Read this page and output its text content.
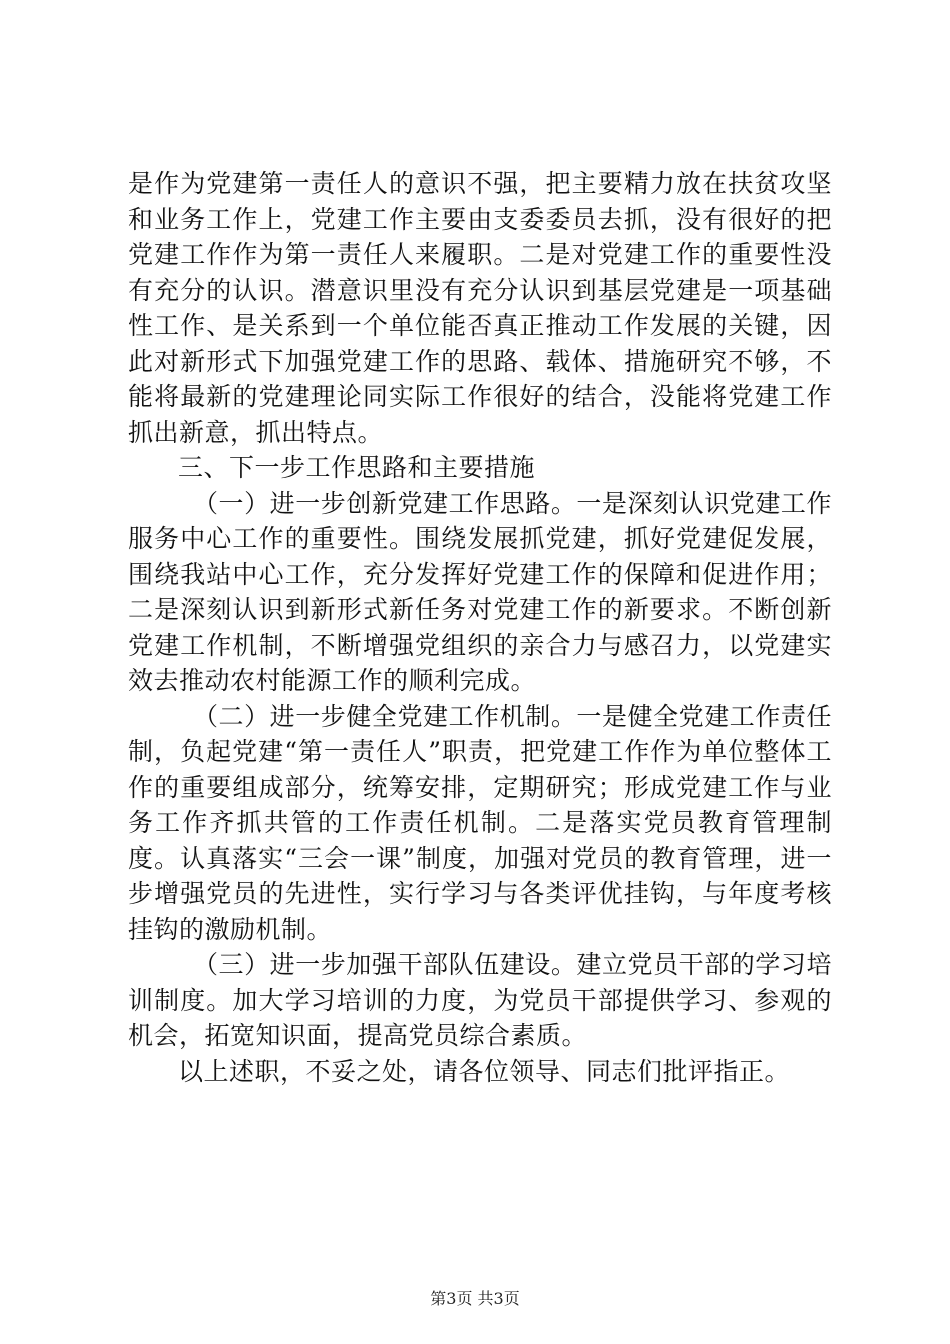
是作为党建第一责任人的意识不强，把主要精力放在扶贫攻坚和业务工作上，党建工作主要由支委委员去抓，没有很好的把党建工作作为第一责任人来履职。二是对党建工作的重要性没有充分的认识。潜意识里没有充分认识到基层党建是一项基础性工作、是关系到一个单位能否真正推动工作发展的关键，因此对新形式下加强党建工作的思路、载体、措施研究不够，不能将最新的党建理论同实际工作很好的结合，没能将党建工作抓出新意，抓出特点。

三、下一步工作思路和主要措施

（一）进一步创新党建工作思路。一是深刻认识党建工作服务中心工作的重要性。围绕发展抓党建，抓好党建促发展，围绕我站中心工作，充分发挥好党建工作的保障和促进作用；二是深刻认识到新形式新任务对党建工作的新要求。不断创新党建工作机制，不断增强党组织的亲合力与感召力，以党建实效去推动农村能源工作的顺利完成。

（二）进一步健全党建工作机制。一是健全党建工作责任制，负起党建“第一责任人”职责，把党建工作作为单位整体工作的重要组成部分，统筹安排，定期研究；形成党建工作与业务工作齐抓共管的工作责任机制。二是落实党员教育管理制度。认真落实“三会一课”制度，加强对党员的教育管理，进一步增强党员的先进性，实行学习与各类评优挂钩，与年度考核挂钩的激励机制。

（三）进一步加强干部队伍建设。建立党员干部的学习培训制度。加大学习培训的力度，为党员干部提供学习、参观的机会，拓宽知识面，提高党员综合素质。

以上述职，不妥之处，请各位领导、同志们批评指正。

第3页 共3页
